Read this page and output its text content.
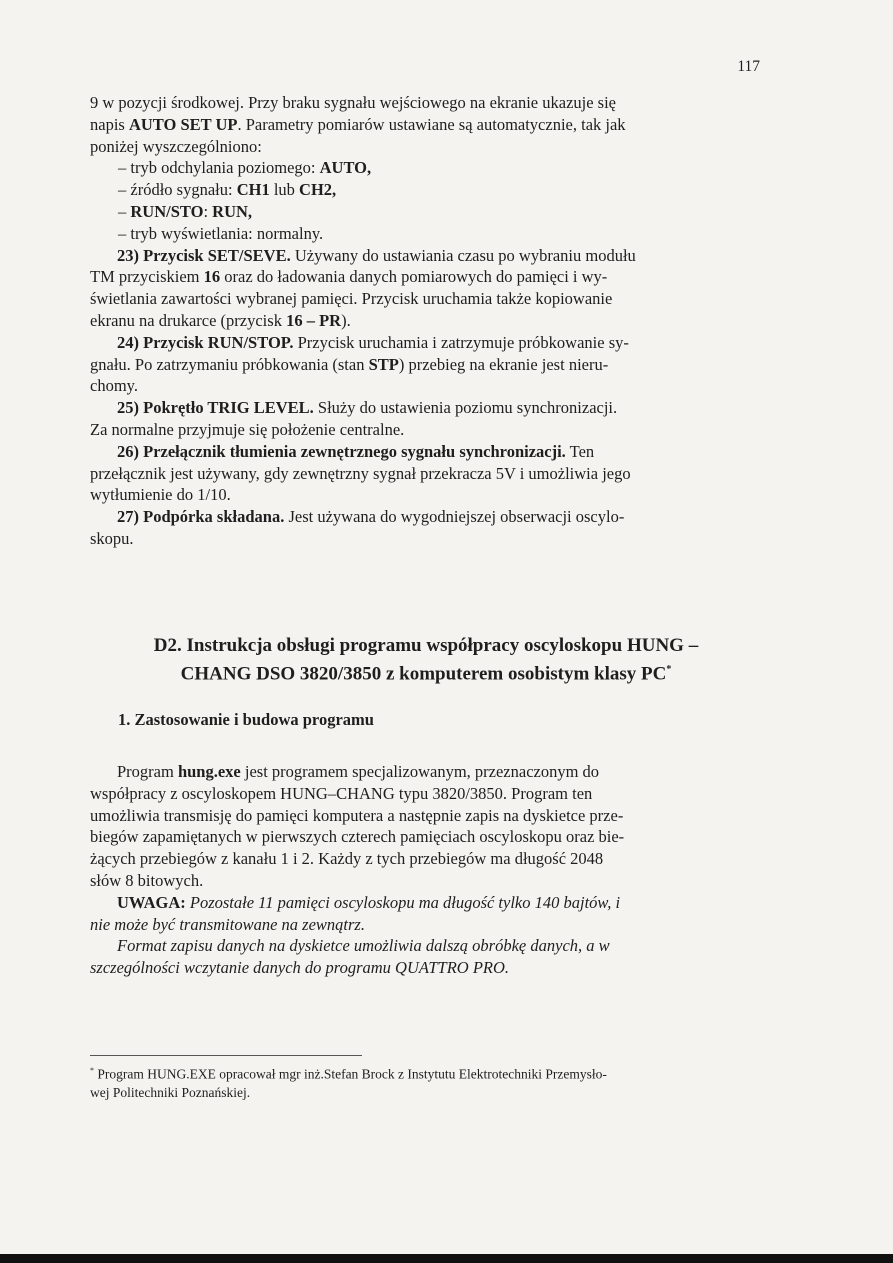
117

9 w pozycji środkowej. Przy braku sygnału wejściowego na ekranie ukazuje się

napis AUTO SET UP. Parametry pomiarów ustawiane są automatycznie, tak jak

poniżej wyszczególniono:

– tryb odchylania poziomego: AUTO,

– źródło sygnału: CH1 lub CH2,

– RUN/STO: RUN,

– tryb wyświetlania: normalny.

23) Przycisk SET/SEVE. Używany do ustawiania czasu po wybraniu modułu

TM przyciskiem 16 oraz do ładowania danych pomiarowych do pamięci i wy-

świetlania zawartości wybranej pamięci. Przycisk uruchamia także kopiowanie

ekranu na drukarce (przycisk 16 – PR).

24) Przycisk RUN/STOP. Przycisk uruchamia i zatrzymuje próbkowanie sy-

gnału. Po zatrzymaniu próbkowania (stan STP) przebieg na ekranie jest nieru-

chomy.

25) Pokrętło TRIG LEVEL. Służy do ustawienia poziomu synchronizacji.

Za normalne przyjmuje się położenie centralne.

26) Przełącznik tłumienia zewnętrznego sygnału synchronizacji. Ten

przełącznik jest używany, gdy zewnętrzny sygnał przekracza 5V i umożliwia jego

wytłumienie do 1/10.

27) Podpórka składana. Jest używana do wygodniejszej obserwacji oscylo-

skopu.

D2. Instrukcja obsługi programu współpracy oscyloskopu HUNG –
CHANG DSO 3820/3850 z komputerem osobistym klasy PC*
1. Zastosowanie i budowa programu

Program hung.exe jest programem specjalizowanym, przeznaczonym do

współpracy z oscyloskopem HUNG–CHANG typu 3820/3850. Program ten

umożliwia transmisję do pamięci komputera a następnie zapis na dyskietce prze-

biegów zapamiętanych w pierwszych czterech pamięciach oscyloskopu oraz bie-

żących przebiegów z kanału 1 i 2. Każdy z tych przebiegów ma długość 2048

słów 8 bitowych.

UWAGA: Pozostałe 11 pamięci oscyloskopu ma długość tylko 140 bajtów, i

nie może być transmitowane na zewnątrz.

Format zapisu danych na dyskietce umożliwia dalszą obróbkę danych, a w

szczególności wczytanie danych do programu QUATTRO PRO.

* Program HUNG.EXE opracował mgr inż.Stefan Brock z Instytutu Elektrotechniki Przemysło-
wej Politechniki Poznańskiej.
